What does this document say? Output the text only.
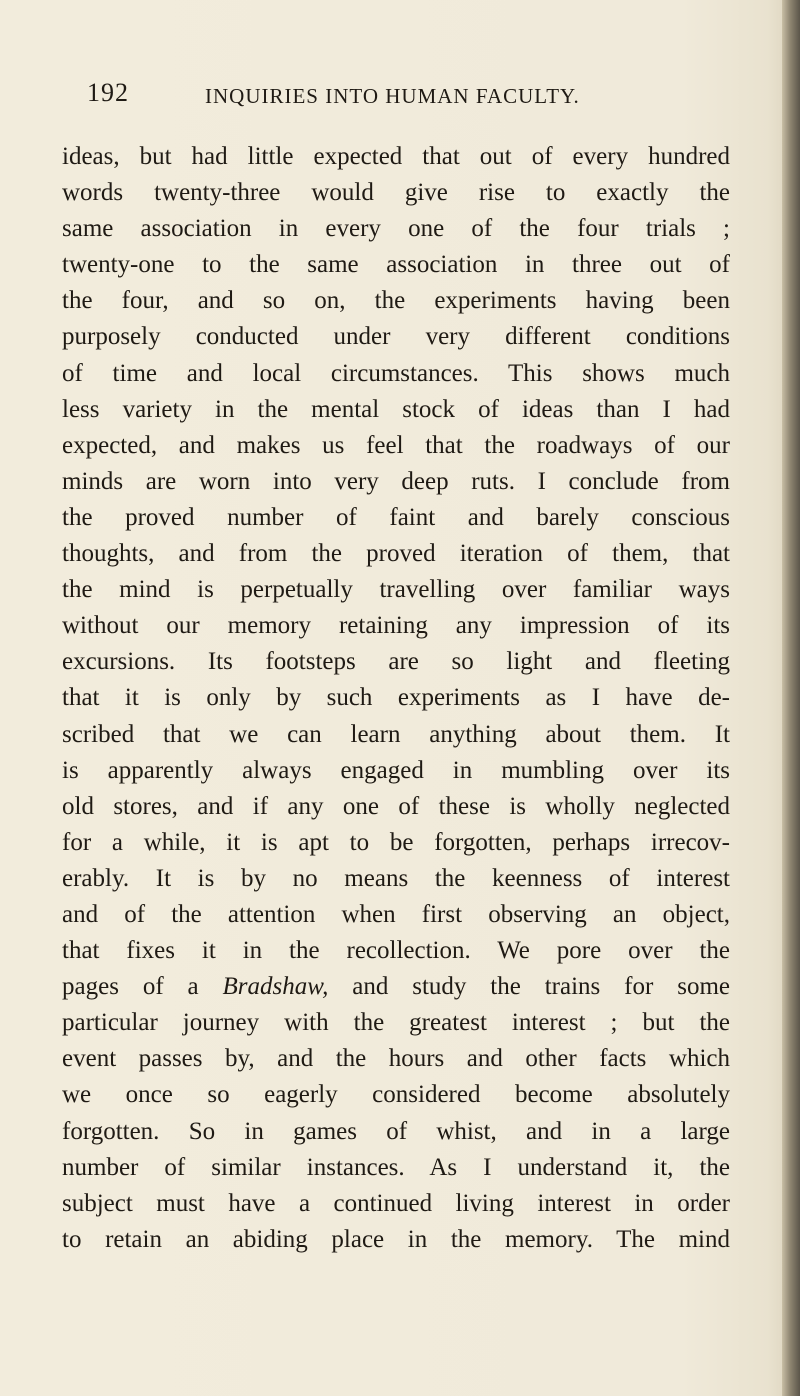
192	INQUIRIES INTO HUMAN FACULTY.
ideas, but had little expected that out of every hundred
words twenty-three would give rise to exactly the
same association in every one of the four trials ;
twenty-one to the same association in three out of
the four, and so on, the experiments having been
purposely conducted under very different conditions
of time and local circumstances. This shows much
less variety in the mental stock of ideas than I had
expected, and makes us feel that the roadways of our
minds are worn into very deep ruts. I conclude from
the proved number of faint and barely conscious
thoughts, and from the proved iteration of them, that
the mind is perpetually travelling over familiar ways
without our memory retaining any impression of its
excursions. Its footsteps are so light and fleeting
that it is only by such experiments as I have de-
scribed that we can learn anything about them. It
is apparently always engaged in mumbling over its
old stores, and if any one of these is wholly neglected
for a while, it is apt to be forgotten, perhaps irrecov-
erably. It is by no means the keenness of interest
and of the attention when first observing an object,
that fixes it in the recollection. We pore over the
pages of a Bradshaw, and study the trains for some
particular journey with the greatest interest ; but the
event passes by, and the hours and other facts which
we once so eagerly considered become absolutely
forgotten. So in games of whist, and in a large
number of similar instances. As I understand it, the
subject must have a continued living interest in order
to retain an abiding place in the memory. The mind
